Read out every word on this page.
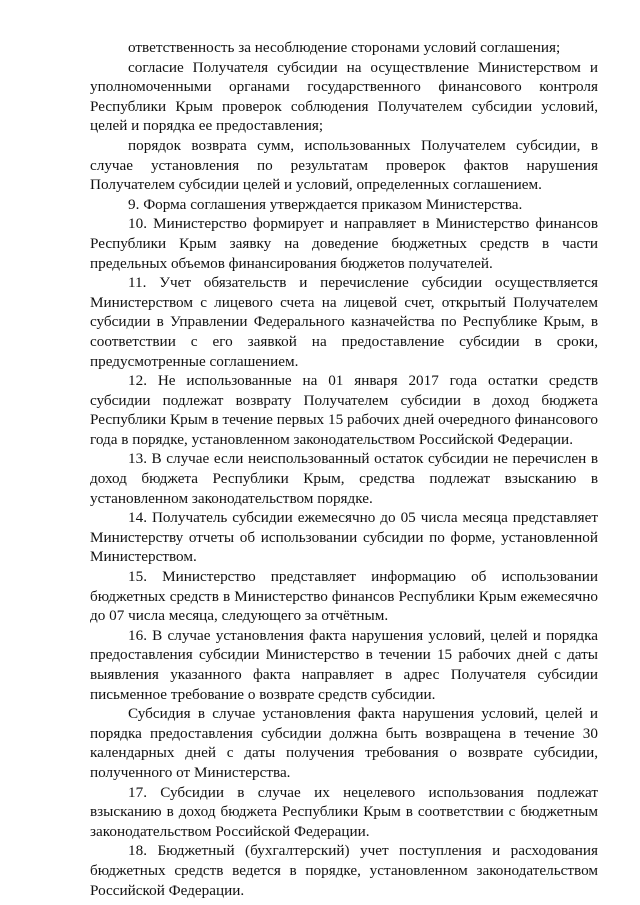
ответственность за несоблюдение сторонами условий соглашения;

согласие Получателя субсидии на осуществление Министерством и уполномоченными органами государственного финансового контроля Республики Крым проверок соблюдения Получателем субсидии условий, целей и порядка ее предоставления;

порядок возврата сумм, использованных Получателем субсидии, в случае установления по результатам проверок фактов нарушения Получателем субсидии целей и условий, определенных соглашением.

9. Форма соглашения утверждается приказом Министерства.

10. Министерство формирует и направляет в Министерство финансов Республики Крым заявку на доведение бюджетных средств в части предельных объемов финансирования бюджетов получателей.

11. Учет обязательств и перечисление субсидии осуществляется Министерством с лицевого счета на лицевой счет, открытый Получателем субсидии в Управлении Федерального казначейства по Республике Крым, в соответствии с его заявкой на предоставление субсидии в сроки, предусмотренные соглашением.

12. Не использованные на 01 января 2017 года остатки средств субсидии подлежат возврату Получателем субсидии в доход бюджета Республики Крым в течение первых 15 рабочих дней очередного финансового года в порядке, установленном законодательством Российской Федерации.

13. В случае если неиспользованный остаток субсидии не перечислен в доход бюджета Республики Крым, средства подлежат взысканию в установленном законодательством порядке.

14. Получатель субсидии ежемесячно до 05 числа месяца представляет Министерству отчеты об использовании субсидии по форме, установленной Министерством.

15. Министерство представляет информацию об использовании бюджетных средств в Министерство финансов Республики Крым ежемесячно до 07 числа месяца, следующего за отчётным.

16. В случае установления факта нарушения условий, целей и порядка предоставления субсидии Министерство в течении 15 рабочих дней с даты выявления указанного факта направляет в адрес Получателя субсидии письменное требование о возврате средств субсидии.

Субсидия в случае установления факта нарушения условий, целей и порядка предоставления субсидии должна быть возвращена в течение 30 календарных дней с даты получения требования о возврате субсидии, полученного от Министерства.

17. Субсидии в случае их нецелевого использования подлежат взысканию в доход бюджета Республики Крым в соответствии с бюджетным законодательством Российской Федерации.

18. Бюджетный (бухгалтерский) учет поступления и расходования бюджетных средств ведется в порядке, установленном законодательством Российской Федерации.
